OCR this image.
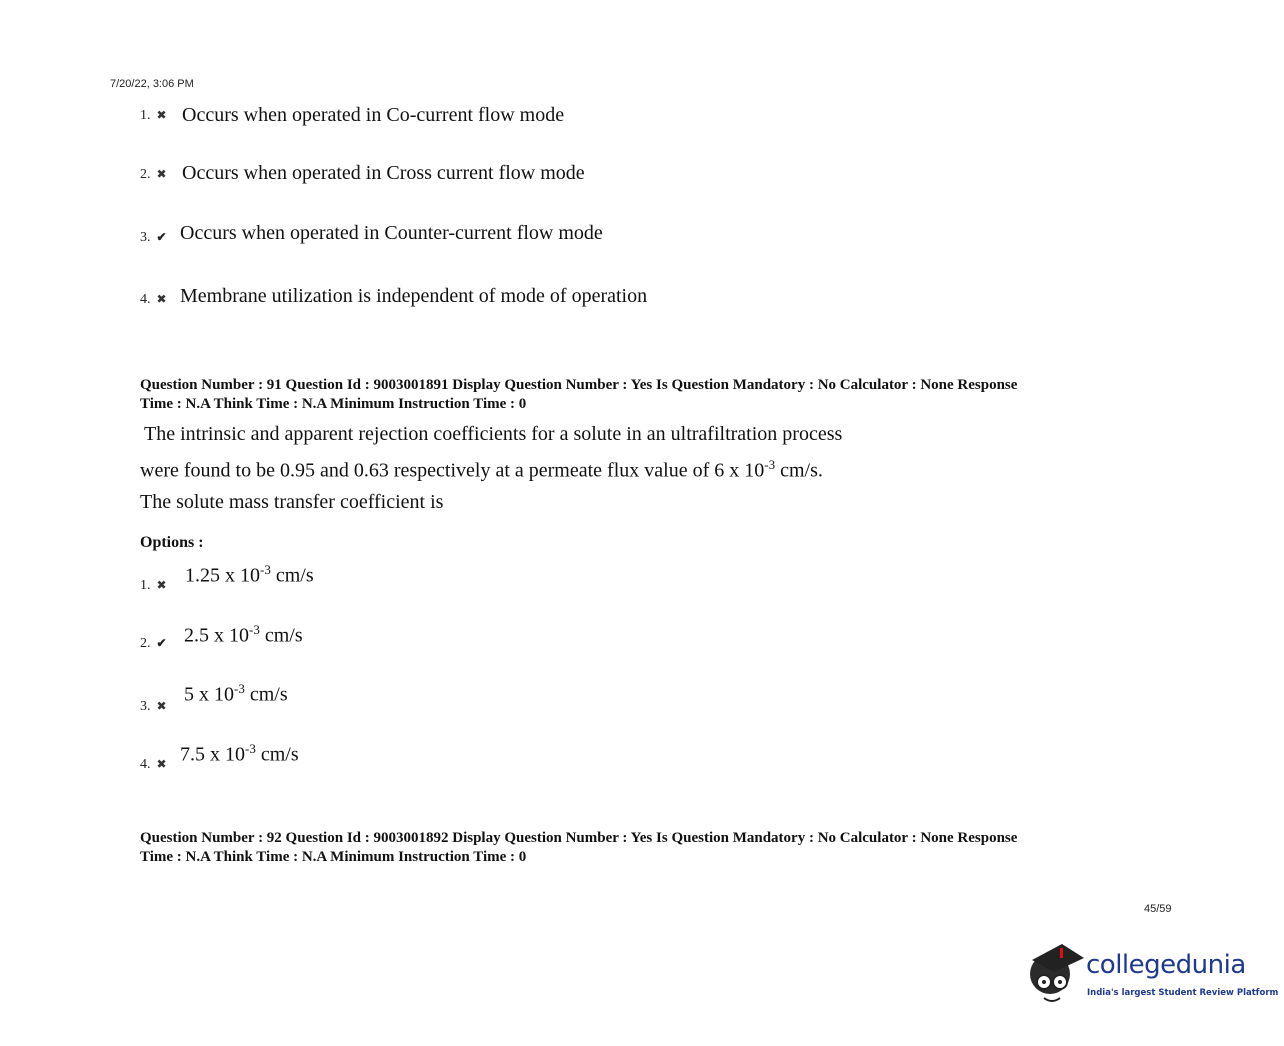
7/20/22, 3:06 PM
1. ✖ Occurs when operated in Co-current flow mode
2. ✖ Occurs when operated in Cross current flow mode
3. ✔ Occurs when operated in Counter-current flow mode
4. ✖ Membrane utilization is independent of mode of operation
Question Number : 91 Question Id : 9003001891 Display Question Number : Yes Is Question Mandatory : No Calculator : None Response
Time : N.A Think Time : N.A Minimum Instruction Time : 0
The intrinsic and apparent rejection coefficients for a solute in an ultrafiltration process
were found to be 0.95 and 0.63 respectively at a permeate flux value of 6 x $10^{-3}$ cm/s.
The solute mass transfer coefficient is
Options :
1. ✖ 1.25 x $10^{-3}$ cm/s
2. ✔ 2.5 x $10^{-3}$ cm/s
3. ✖
5 x $10^{-3}$ cm/s
4. ✖ 7.5 x $10^{-3}$ cm/s
Question Number : 92 Question Id : 9003001892 Display Question Number : Yes Is Question Mandatory : No Calculator : None Response
Time : N.A Think Time : N.A Minimum Instruction Time : 0
45/59
collegedunia
India's largest Student Review Platform
